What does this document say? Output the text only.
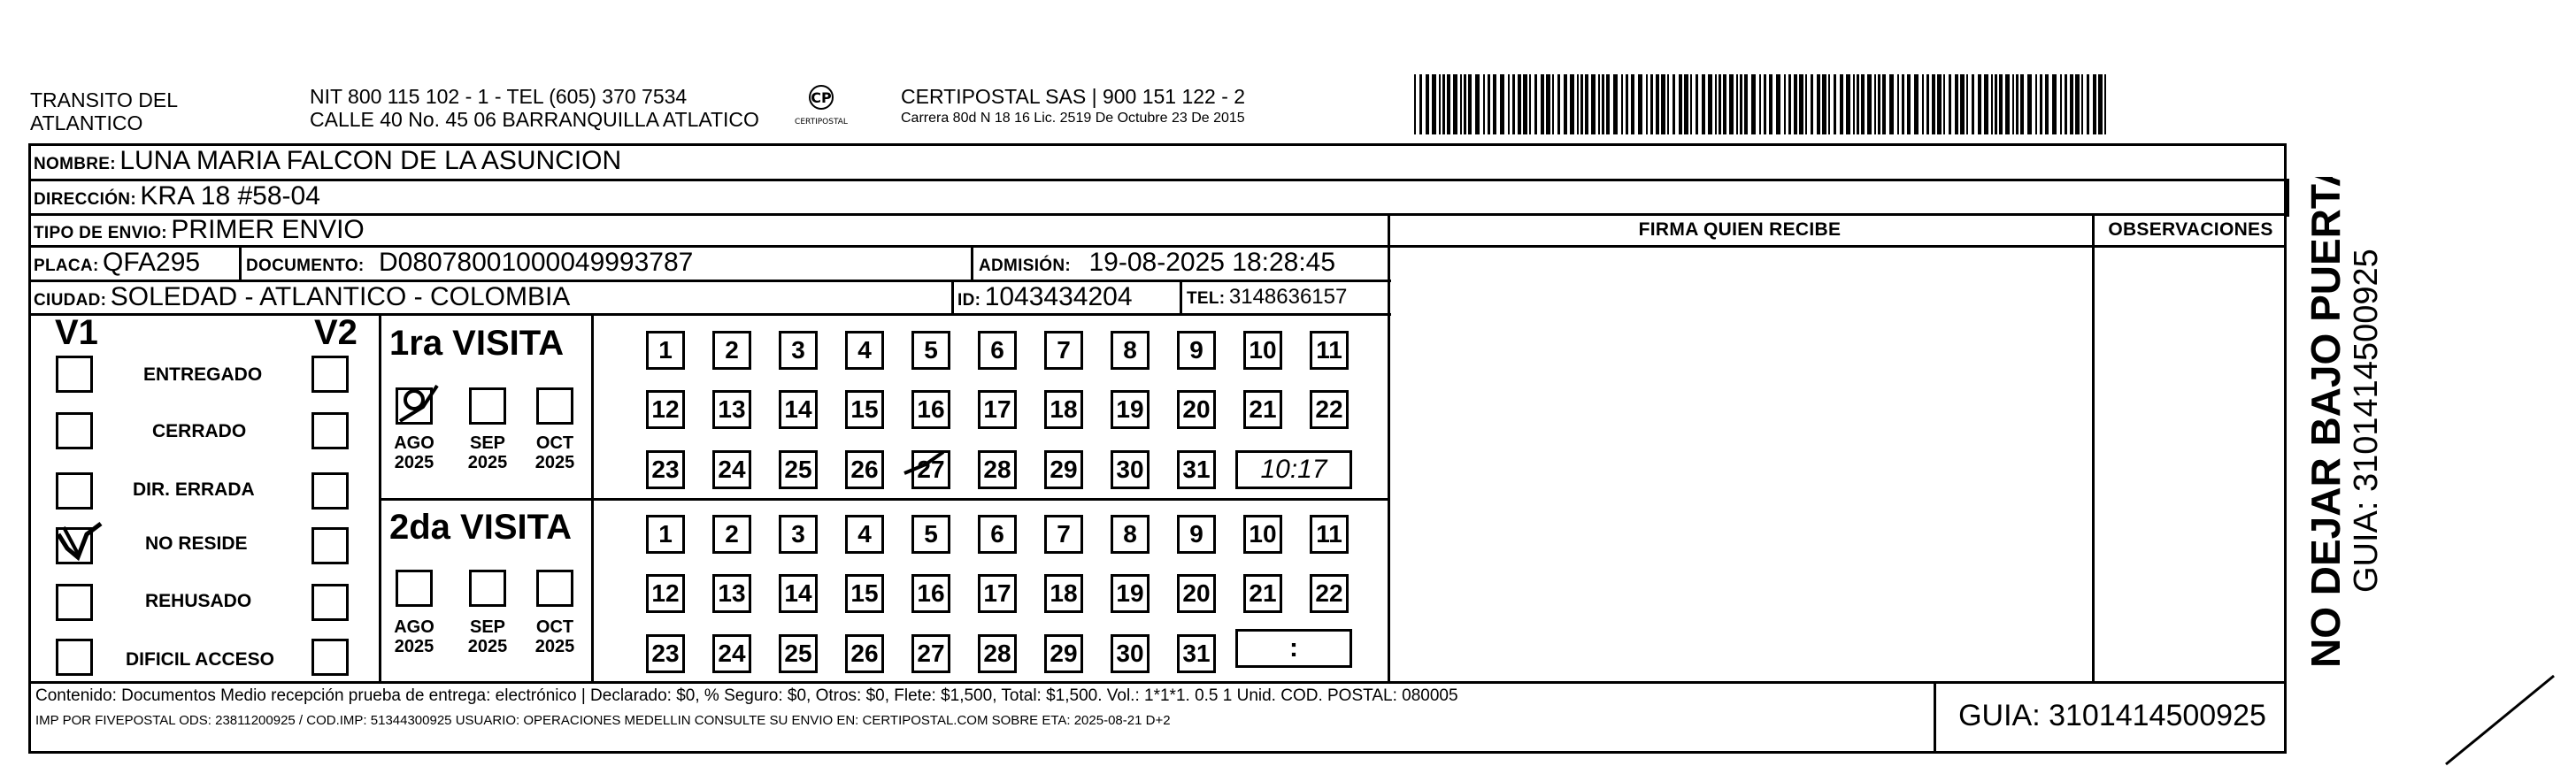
TRANSITO DEL
ATLANTICO
NIT 800 115 102 - 1 - TEL (605) 370 7534
CALLE 40 No. 45 06 BARRANQUILLA ATLATICO
CP
CERTIPOSTAL
CERTIPOSTAL SAS | 900 151 122 - 2
Carrera 80d N 18 16 Lic. 2519 De Octubre 23 De 2015
NOMBRE: LUNA MARIA FALCON DE LA ASUNCION
DIRECCIÓN: KRA 18 #58-04
TIPO DE ENVIO: PRIMER ENVIO
PLACA: QFA295	DOCUMENTO: D08078001000049993787	ADMISIÓN: 19-08-2025 18:28:45
CIUDAD: SOLEDAD - ATLANTICO - COLOMBIA	ID: 1043434204	TEL: 3148636157
FIRMA QUIEN RECIBE	OBSERVACIONES
V1	V2
ENTREGADO
CERRADO
DIR. ERRADA
NO RESIDE
REHUSADO
DIFICIL ACCESO
1ra VISITA
AGO
2025
SEP
2025
OCT
2025
1	2	3	4	5	6	7	8	9	10 11
12 13 14 15 16 17 18 19 20 21 22
23 24 25 26 27 28 29 30 31	10:17
2da VISITA
AGO
2025
SEP
2025
OCT
2025
1	2	3	4	5	6	7	8	9	10 11
12 13 14 15 16 17 18 19 20 21 22
23 24 25 26 27 28 29 30 31	:
Contenido: Documentos Medio recepción prueba de entrega: electrónico | Declarado: $0, % Seguro: $0, Otros: $0, Flete: $1,500, Total: $1,500. Vol.: 1*1*1. 0.5 1 Unid. COD. POSTAL: 080005
IMP POR FIVEPOSTAL ODS: 23811200925 / COD.IMP: 51344300925 USUARIO: OPERACIONES MEDELLIN CONSULTE SU ENVIO EN: CERTIPOSTAL.COM SOBRE ETA: 2025-08-21 D+2	GUIA: 3101414500925
NO DEJAR BAJO PUERTA GUIA: 3101414500925
